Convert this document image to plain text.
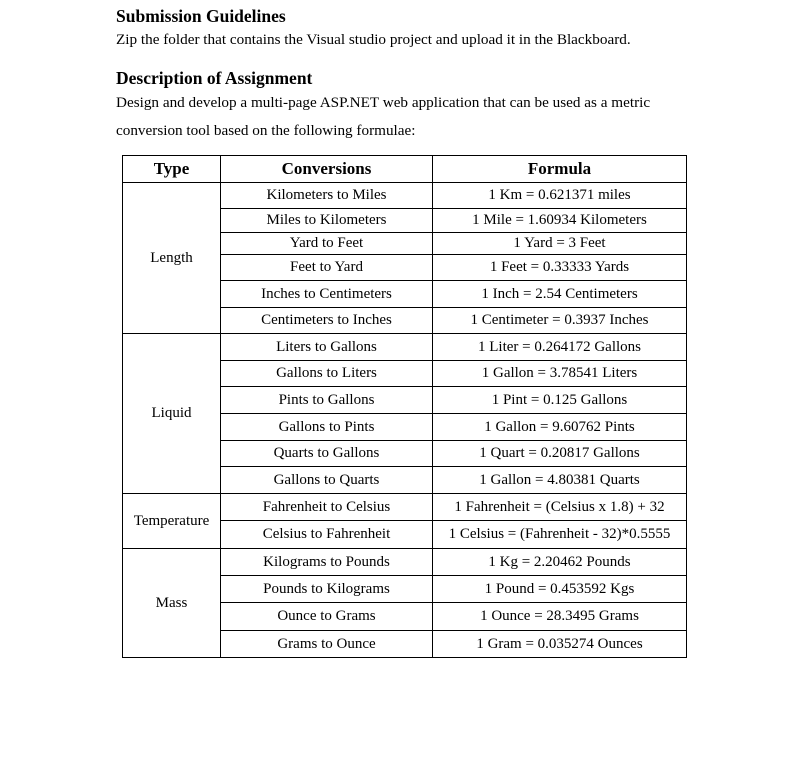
Submission Guidelines

Zip the folder that contains the Visual studio project and upload it in the Blackboard.

Description of Assignment

Design and develop a multi-page ASP.NET web application that can be used as a metric

conversion tool based on the following formulae:

Type	Conversions	Formula
Length	Kilometers to Miles	1 Km = 0.621371 miles
	Miles to Kilometers	1 Mile = 1.60934 Kilometers
	Yard to Feet	1 Yard = 3 Feet
	Feet to Yard	1 Feet = 0.33333 Yards
	Inches to Centimeters	1 Inch = 2.54 Centimeters
	Centimeters to Inches	1 Centimeter = 0.3937 Inches
Liquid	Liters to Gallons	1 Liter = 0.264172 Gallons
	Gallons to Liters	1 Gallon = 3.78541 Liters
	Pints to Gallons	1 Pint = 0.125 Gallons
	Gallons to Pints	1 Gallon = 9.60762 Pints
	Quarts to Gallons	1 Quart = 0.20817 Gallons
	Gallons to Quarts	1 Gallon = 4.80381 Quarts
Temperature	Fahrenheit to Celsius	1 Fahrenheit = (Celsius x 1.8) + 32
	Celsius to Fahrenheit	1 Celsius = (Fahrenheit - 32)*0.5555
Mass	Kilograms to Pounds	1 Kg = 2.20462 Pounds
	Pounds to Kilograms	1 Pound = 0.453592 Kgs
	Ounce to Grams	1 Ounce = 28.3495 Grams
	Grams to Ounce	1 Gram = 0.035274 Ounces
